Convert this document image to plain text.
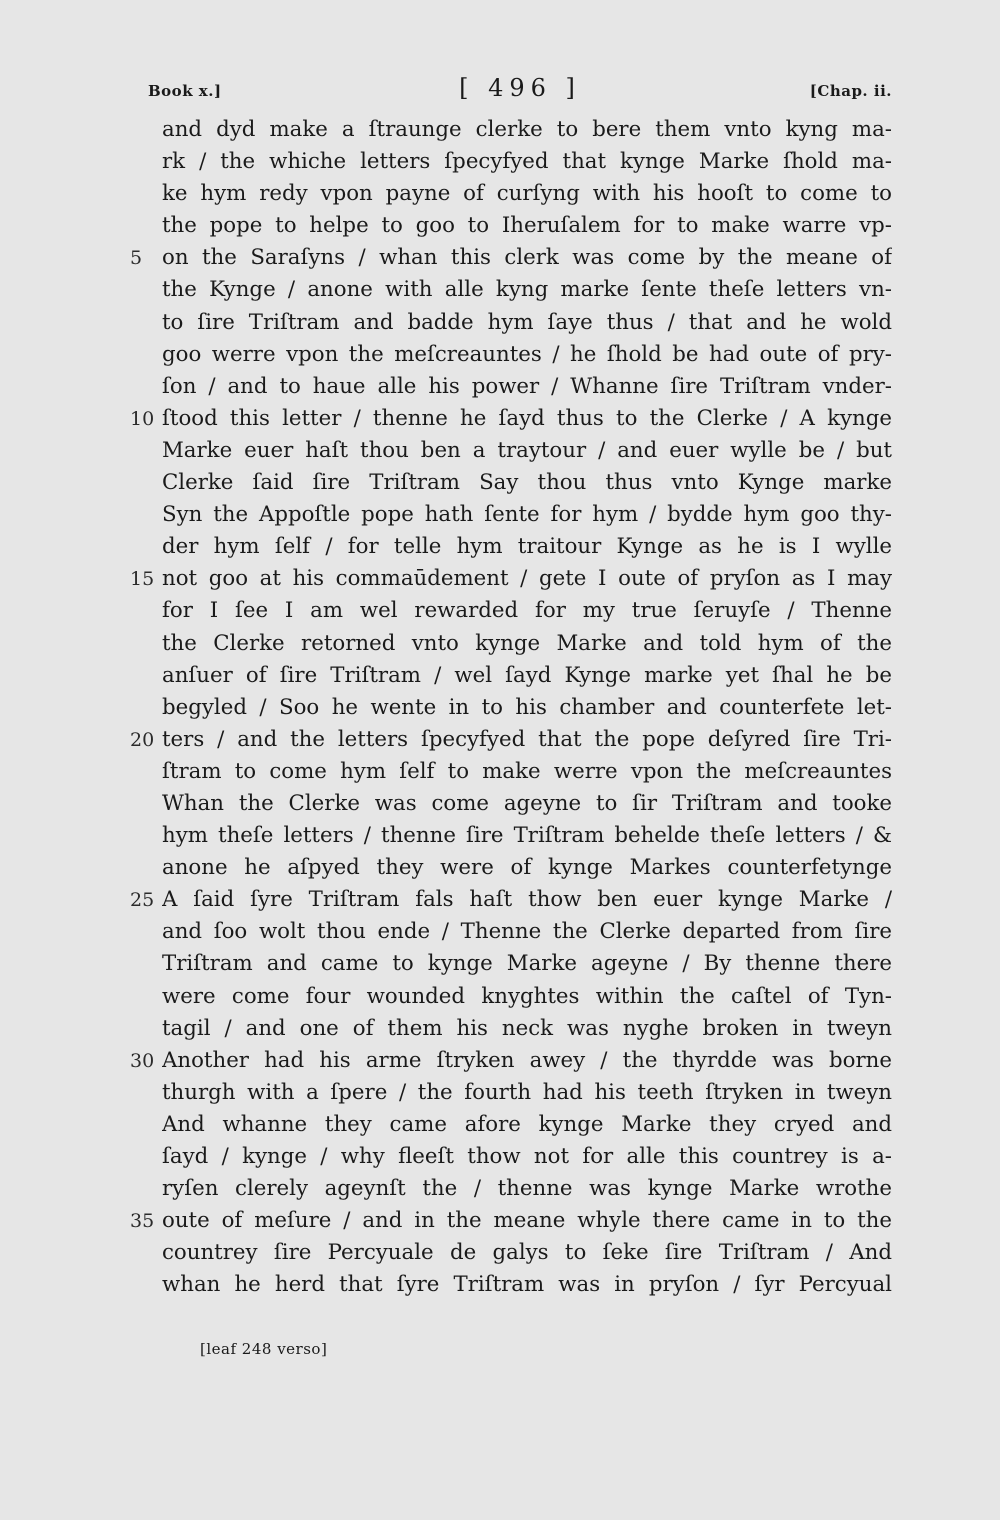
Book x.]	[ 496 ]	[Chap. ii.
and dyd make a ſtraunge clerke to bere them vnto kyng ma-
rk / the whiche letters ſpecyfyed that kynge Marke ſhold ma-
ke hym redy vpon payne of curſyng with his hooſt to come to
the pope to helpe to goo to Iheruſalem for to make warre vp-
5 on the Saraſyns / whan this clerk was come by the meane of
the Kynge / anone with alle kyng marke ſente theſe letters vn-
to ſire Triſtram and badde hym ſaye thus / that and he wold
goo werre vpon the meſcreauntes / he ſhold be had oute of pry-
ſon / and to haue alle his power / Whanne ſire Triſtram vnder-
10 ſtood this letter / thenne he ſayd thus to the Clerke / A kynge
Marke euer haſt thou ben a traytour / and euer wylle be / but
Clerke ſaid ſire Triſtram Say thou thus vnto Kynge marke
Syn the Appoſtle pope hath ſente for hym / bydde hym goo thy-
der hym ſelf / for telle hym traitour Kynge as he is I wylle
15 not goo at his commaūdement / gete I oute of pryſon as I may
for I ſee I am wel rewarded for my true ſeruyſe / Thenne
the Clerke retorned vnto kynge Marke and told hym of the
anſuer of ſire Triſtram / wel ſayd Kynge marke yet ſhal he be
begyled / Soo he wente in to his chamber and counterfete let-
20 ters / and the letters ſpecyfyed that the pope deſyred ſire Tri-
ſtram to come hym ſelf to make werre vpon the meſcreauntes
Whan the Clerke was come ageyne to ſir Triſtram and tooke
hym theſe letters / thenne ſire Triſtram behelde theſe letters / &
anone he aſpyed they were of kynge Markes counterfetynge
25 A ſaid ſyre Triſtram fals haſt thow ben euer kynge Marke /
and ſoo wolt thou ende / Thenne the Clerke departed from ſire
Triſtram and came to kynge Marke ageyne / By thenne there
were come four wounded knyghtes within the caſtel of Tyn-
tagil / and one of them his neck was nyghe broken in tweyn
30 Another had his arme ſtryken awey / the thyrdde was borne
thurgh with a ſpere / the fourth had his teeth ſtryken in tweyn
And whanne they came afore kynge Marke they cryed and
ſayd / kynge / why fleeſt thow not for alle this countrey is a-
ryſen clerely ageynſt the / thenne was kynge Marke wrothe
35 oute of meſure / and in the meane whyle there came in to the
countrey ſire Percyuale de galys to ſeke ſire Triſtram / And
whan he herd that ſyre Triſtram was in pryſon / ſyr Percyual
[leaf 248 verso]
